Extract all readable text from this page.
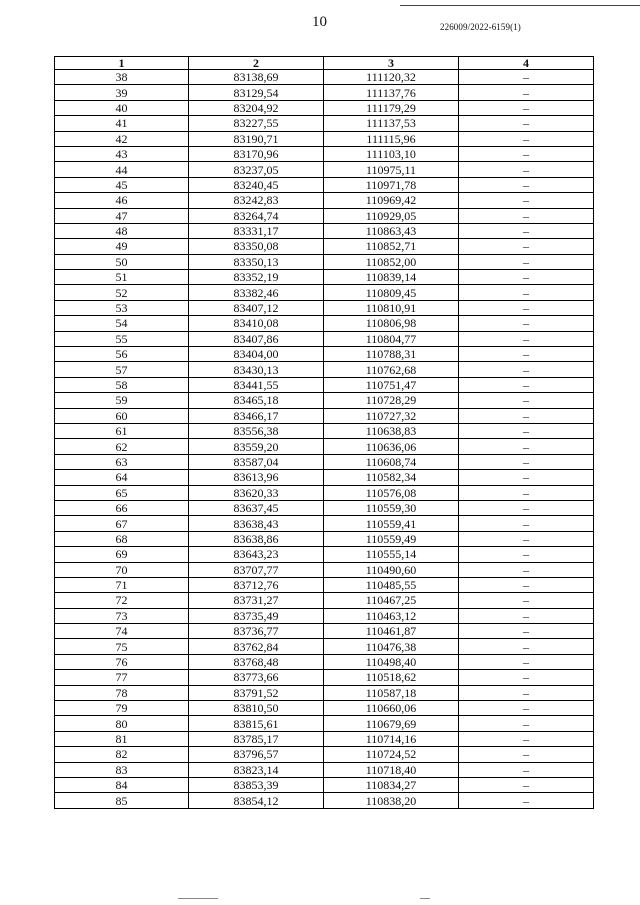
10	226009/2022-6159(1)
1	2	3	4
38	83138,69	111120,32	–
39	83129,54	111137,76	–
40	83204,92	111179,29	–
41	83227,55	111137,53	–
42	83190,71	111115,96	–
43	83170,96	111103,10	–
44	83237,05	110975,11	–
45	83240,45	110971,78	–
46	83242,83	110969,42	–
47	83264,74	110929,05	–
48	83331,17	110863,43	–
49	83350,08	110852,71	–
50	83350,13	110852,00	–
51	83352,19	110839,14	–
52	83382,46	110809,45	–
53	83407,12	110810,91	–
54	83410,08	110806,98	–
55	83407,86	110804,77	–
56	83404,00	110788,31	–
57	83430,13	110762,68	–
58	83441,55	110751,47	–
59	83465,18	110728,29	–
60	83466,17	110727,32	–
61	83556,38	110638,83	–
62	83559,20	110636,06	–
63	83587,04	110608,74	–
64	83613,96	110582,34	–
65	83620,33	110576,08	–
66	83637,45	110559,30	–
67	83638,43	110559,41	–
68	83638,86	110559,49	–
69	83643,23	110555,14	–
70	83707,77	110490,60	–
71	83712,76	110485,55	–
72	83731,27	110467,25	–
73	83735,49	110463,12	–
74	83736,77	110461,87	–
75	83762,84	110476,38	–
76	83768,48	110498,40	–
77	83773,66	110518,62	–
78	83791,52	110587,18	–
79	83810,50	110660,06	–
80	83815,61	110679,69	–
81	83785,17	110714,16	–
82	83796,57	110724,52	–
83	83823,14	110718,40	–
84	83853,39	110834,27	–
85	83854,12	110838,20	–
